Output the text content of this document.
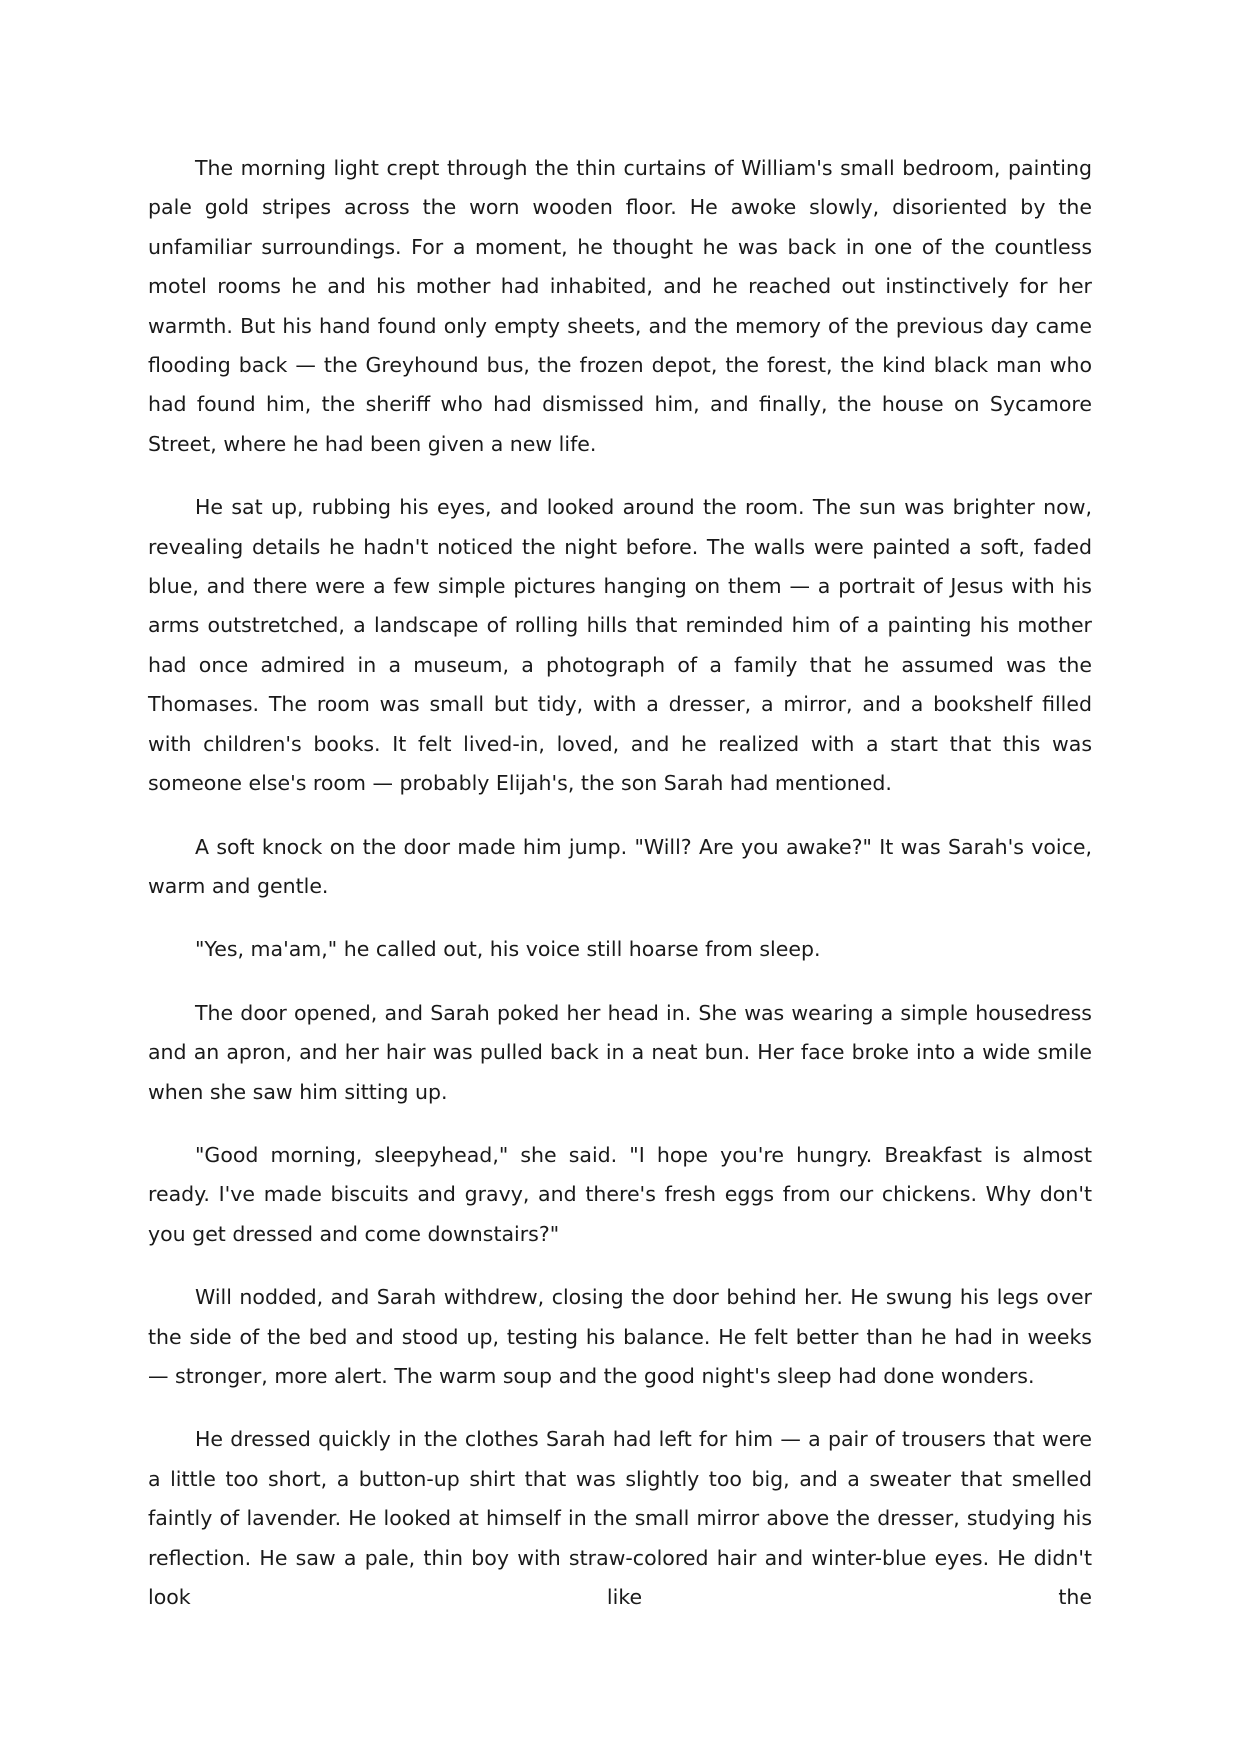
The morning light crept through the thin curtains of William's small bedroom, painting pale gold stripes across the worn wooden floor. He awoke slowly, disoriented by the unfamiliar surroundings. For a moment, he thought he was back in one of the countless motel rooms he and his mother had inhabited, and he reached out instinctively for her warmth. But his hand found only empty sheets, and the memory of the previous day came flooding back — the Greyhound bus, the frozen depot, the forest, the kind black man who had found him, the sheriff who had dismissed him, and finally, the house on Sycamore Street, where he had been given a new life.

He sat up, rubbing his eyes, and looked around the room. The sun was brighter now, revealing details he hadn't noticed the night before. The walls were painted a soft, faded blue, and there were a few simple pictures hanging on them — a portrait of Jesus with his arms outstretched, a landscape of rolling hills that reminded him of a painting his mother had once admired in a museum, a photograph of a family that he assumed was the Thomases. The room was small but tidy, with a dresser, a mirror, and a bookshelf filled with children's books. It felt lived-in, loved, and he realized with a start that this was someone else's room — probably Elijah's, the son Sarah had mentioned.

A soft knock on the door made him jump. "Will? Are you awake?" It was Sarah's voice, warm and gentle.

"Yes, ma'am," he called out, his voice still hoarse from sleep.

The door opened, and Sarah poked her head in. She was wearing a simple housedress and an apron, and her hair was pulled back in a neat bun. Her face broke into a wide smile when she saw him sitting up.

"Good morning, sleepyhead," she said. "I hope you're hungry. Breakfast is almost ready. I've made biscuits and gravy, and there's fresh eggs from our chickens. Why don't you get dressed and come downstairs?"

Will nodded, and Sarah withdrew, closing the door behind her. He swung his legs over the side of the bed and stood up, testing his balance. He felt better than he had in weeks — stronger, more alert. The warm soup and the good night's sleep had done wonders.

He dressed quickly in the clothes Sarah had left for him — a pair of trousers that were a little too short, a button-up shirt that was slightly too big, and a sweater that smelled faintly of lavender. He looked at himself in the small mirror above the dresser, studying his reflection. He saw a pale, thin boy with straw-colored hair and winter-blue eyes. He didn't look like the
